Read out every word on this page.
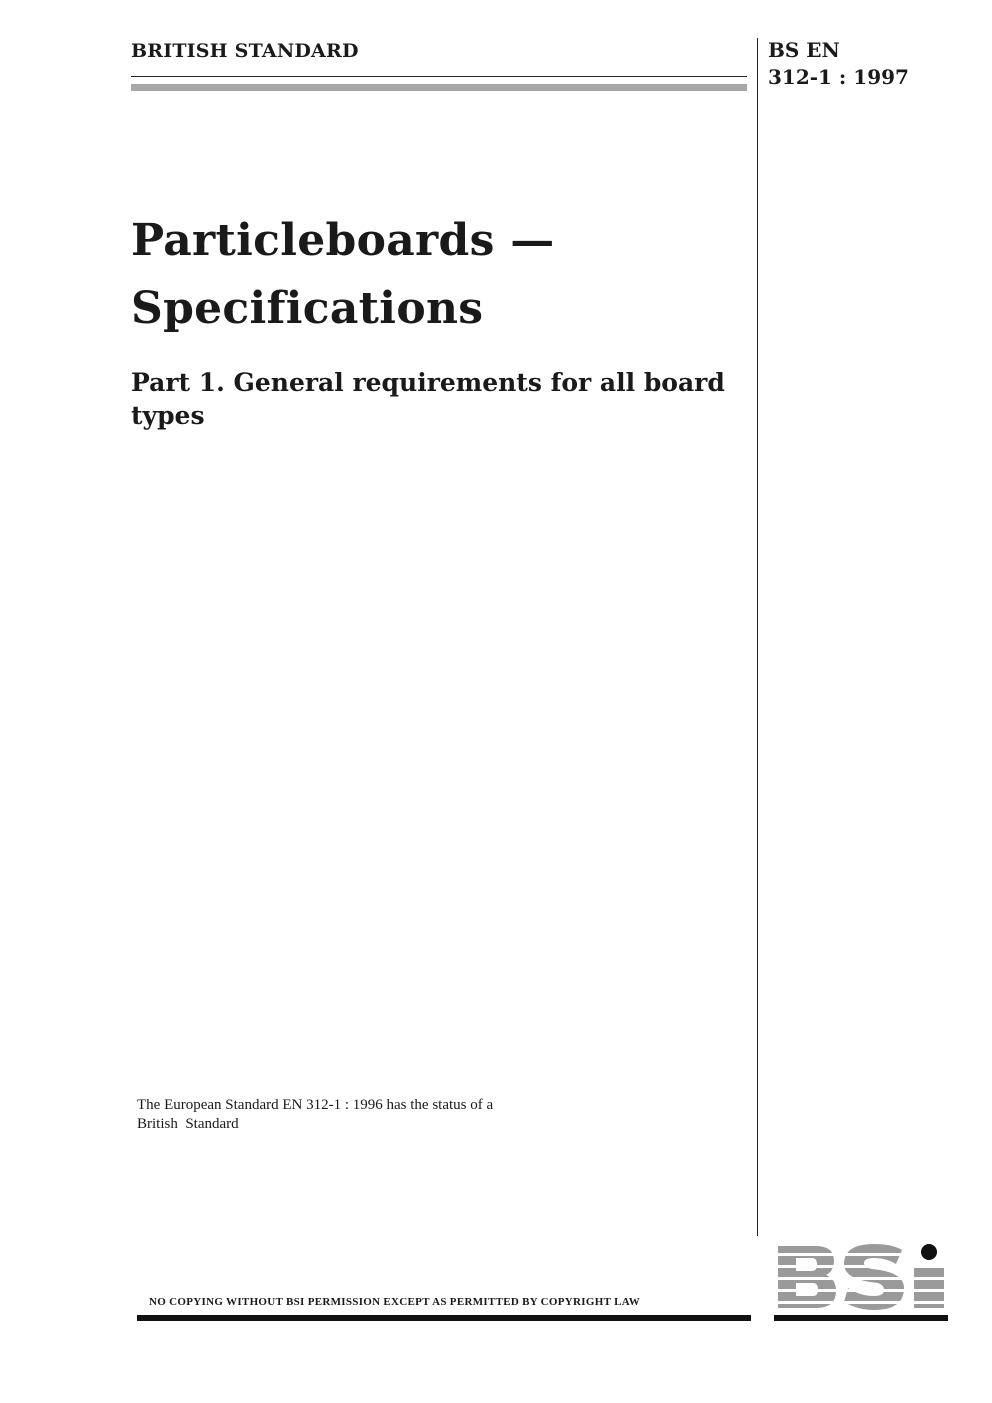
BRITISH STANDARD	BS EN
312-1 : 1997
Particleboards —
Specifications
Part 1. General requirements for all board types
The European Standard EN 312-1 : 1996 has the status of a
British  Standard
NO COPYING WITHOUT BSI PERMISSION EXCEPT AS PERMITTED BY COPYRIGHT LAW
